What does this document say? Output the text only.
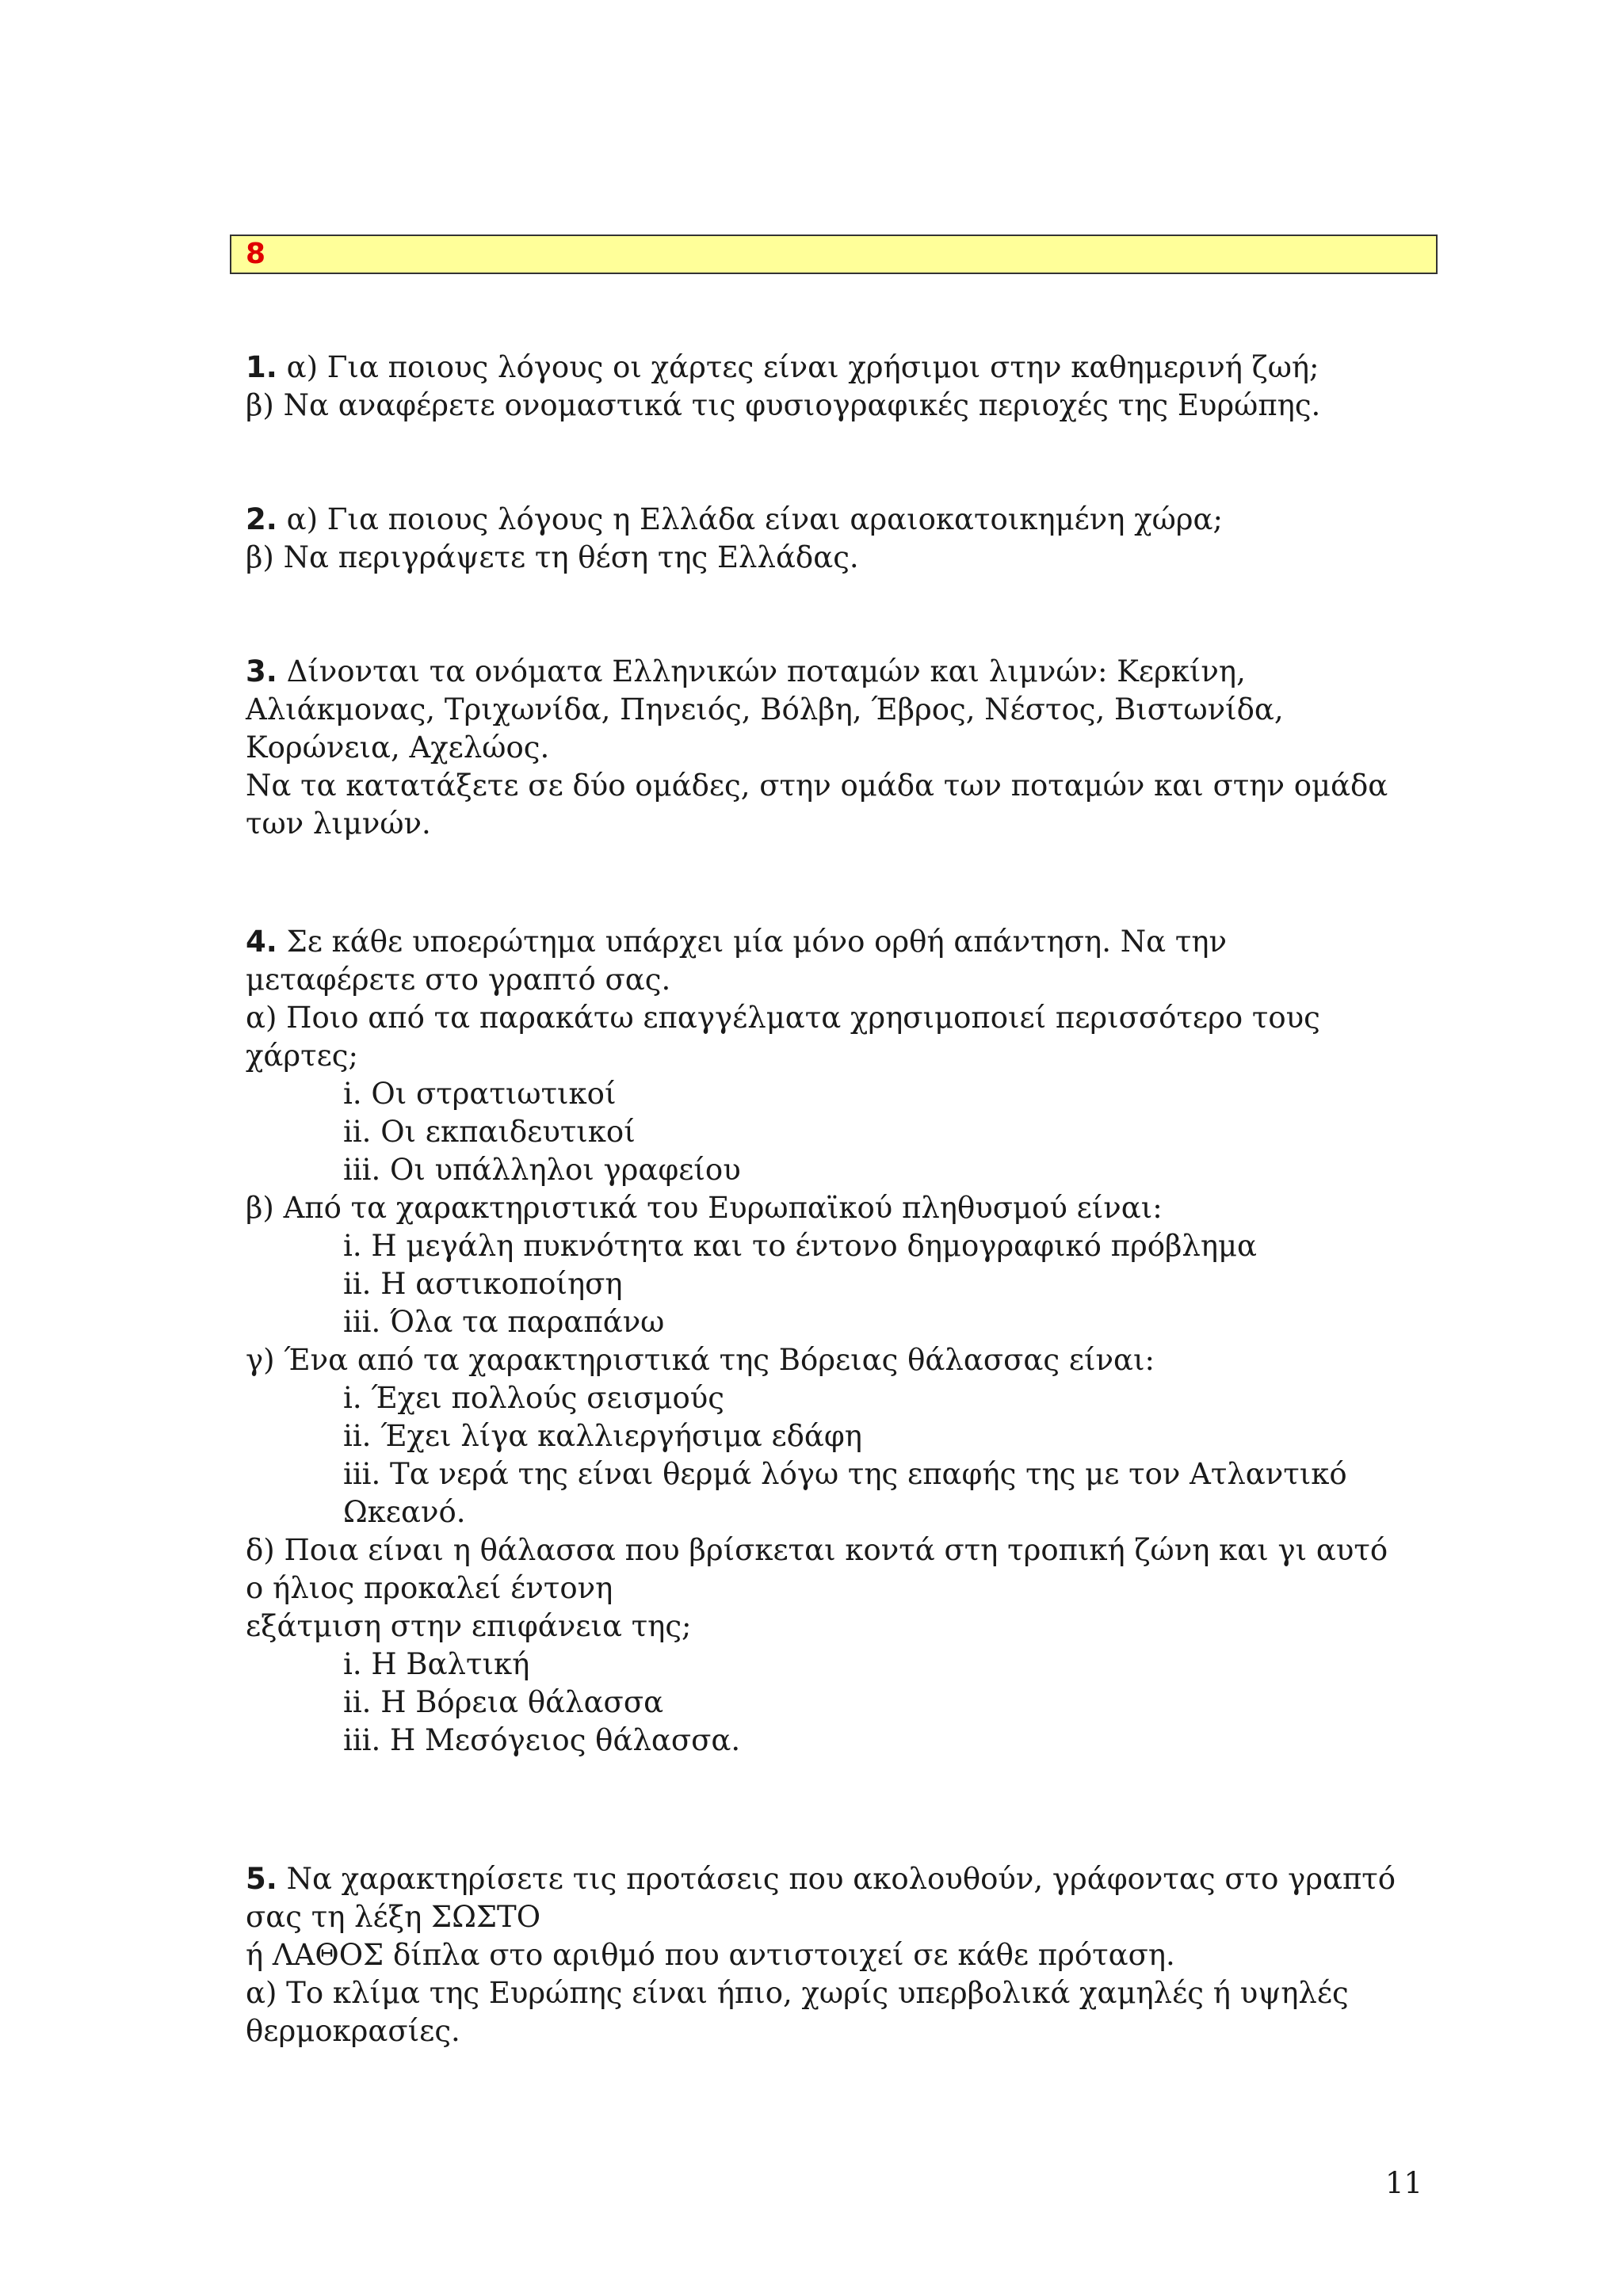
8
1. α) Για ποιους λόγους οι χάρτες είναι χρήσιμοι στην καθημερινή ζωή;
β) Να αναφέρετε ονομαστικά τις φυσιογραφικές περιοχές της Ευρώπης.
2. α) Για ποιους λόγους η Ελλάδα είναι αραιοκατοικημένη χώρα;
β) Να περιγράψετε τη θέση της Ελλάδας.
3. Δίνονται τα ονόματα Ελληνικών ποταμών και λιμνών: Κερκίνη,
Αλιάκμονας, Τριχωνίδα, Πηνειός, Βόλβη, Έβρος, Νέστος, Βιστωνίδα,
Κορώνεια, Αχελώος.
Να τα κατατάξετε σε δύο ομάδες, στην ομάδα των ποταμών και στην ομάδα
των λιμνών.
4. Σε κάθε υποερώτημα υπάρχει μία μόνο ορθή απάντηση. Να την
μεταφέρετε στο γραπτό σας.
α) Ποιο από τα παρακάτω επαγγέλματα χρησιμοποιεί περισσότερο τους
χάρτες;
i. Οι στρατιωτικοί
ii. Οι εκπαιδευτικοί
iii. Οι υπάλληλοι γραφείου
β) Από τα χαρακτηριστικά του Ευρωπαϊκού πληθυσμού είναι:
i. Η μεγάλη πυκνότητα και το έντονο δημογραφικό πρόβλημα
ii. Η αστικοποίηση
iii. Όλα τα παραπάνω
γ) Ένα από τα χαρακτηριστικά της Βόρειας θάλασσας είναι:
i. Έχει πολλούς σεισμούς
ii. Έχει λίγα καλλιεργήσιμα εδάφη
iii. Τα νερά της είναι θερμά λόγω της επαφής της με τον Ατλαντικό
Ωκεανό.
δ) Ποια είναι η θάλασσα που βρίσκεται κοντά στη τροπική ζώνη και γι αυτό
ο ήλιος προκαλεί έντονη
εξάτμιση στην επιφάνεια της;
i. Η Βαλτική
ii. Η Βόρεια θάλασσα
iii. Η Μεσόγειος θάλασσα.
5. Να χαρακτηρίσετε τις προτάσεις που ακολουθούν, γράφοντας στο γραπτό
σας τη λέξη ΣΩΣΤΟ
ή ΛΑΘΟΣ δίπλα στο αριθμό που αντιστοιχεί σε κάθε πρόταση.
α) Το κλίμα της Ευρώπης είναι ήπιο, χωρίς υπερβολικά χαμηλές ή υψηλές
θερμοκρασίες.
11
